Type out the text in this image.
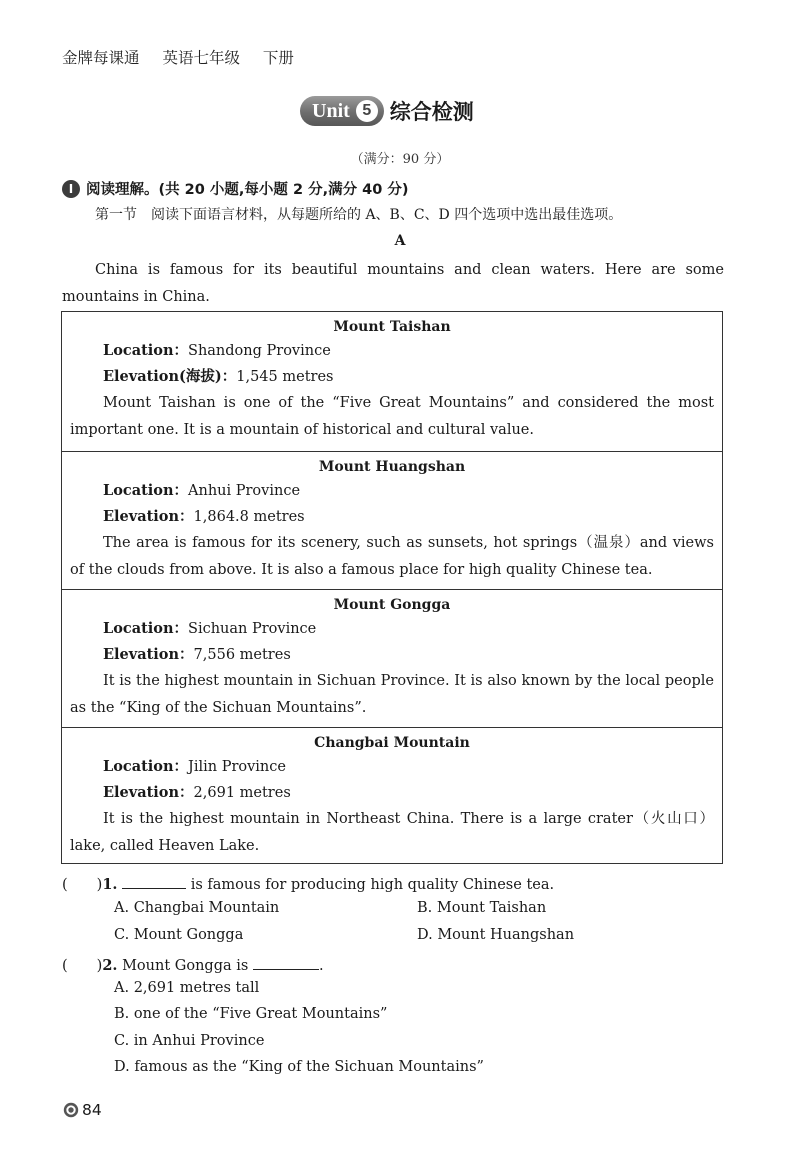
金牌每课通 英语七年级 下册
Unit 5 综合检测
（满分：90 分）
Ⅰ 阅读理解。(共 20 小题,每小题 2 分,满分 40 分)
第一节　阅读下面语言材料，从每题所给的 A、B、C、D 四个选项中选出最佳选项。
A
China is famous for its beautiful mountains and clean waters. Here are some mountains in China.
Mount Taishan
Location：Shandong Province
Elevation(海拔)：1,545 metres
Mount Taishan is one of the “Five Great Mountains” and considered the most important one. It is a mountain of historical and cultural value.
Mount Huangshan
Location：Anhui Province
Elevation：1,864.8 metres
The area is famous for its scenery, such as sunsets, hot springs（温泉）and views of the clouds from above. It is also a famous place for high quality Chinese tea.
Mount Gongga
Location：Sichuan Province
Elevation：7,556 metres
It is the highest mountain in Sichuan Province. It is also known by the local people as the “King of the Sichuan Mountains”.
Changbai Mountain
Location：Jilin Province
Elevation：2,691 metres
It is the highest mountain in Northeast China. There is a large crater（火山口）lake, called Heaven Lake.
(　　)1.	is famous for producing high quality Chinese tea.
A. Changbai Mountain	B. Mount Taishan
C. Mount Gongga	D. Mount Huangshan
(　　)2. Mount Gongga is	.
A. 2,691 metres tall
B. one of the “Five Great Mountains”
C. in Anhui Province
D. famous as the “King of the Sichuan Mountains”
84
